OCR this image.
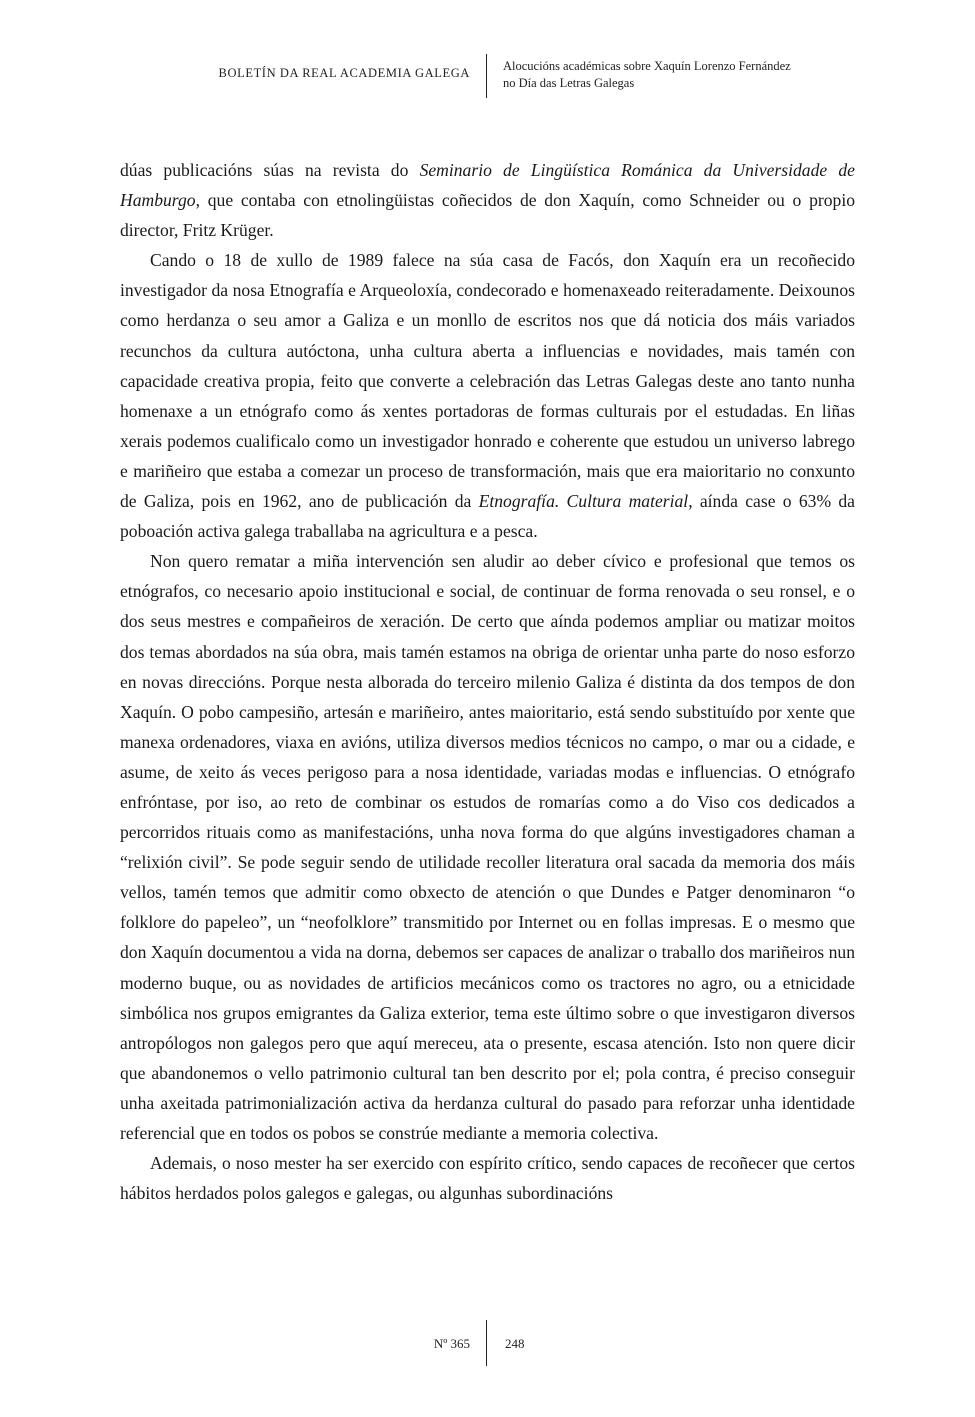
BOLETÍN DA REAL ACADEMIA GALEGA	Alocucións académicas sobre Xaquín Lorenzo Fernández
no Día das Letras Galegas

dúas publicacións súas na revista do Seminario de Lingüística Románica da Universidade de Hamburgo, que contaba con etnolingüistas coñecidos de don Xaquín, como Schneider ou o propio director, Fritz Krüger.

Cando o 18 de xullo de 1989 falece na súa casa de Facós, don Xaquín era un recoñecido investigador da nosa Etnografía e Arqueoloxía, condecorado e homenaxeado reiteradamente. Deixounos como herdanza o seu amor a Galiza e un monllo de escritos nos que dá noticia dos máis variados recunchos da cultura autóctona, unha cultura aberta a influencias e novidades, mais tamén con capacidade creativa propia, feito que converte a celebración das Letras Galegas deste ano tanto nunha homenaxe a un etnógrafo como ás xentes portadoras de formas culturais por el estudadas. En liñas xerais podemos cualificalo como un investigador honrado e coherente que estudou un universo labrego e mariñeiro que estaba a comezar un proceso de transformación, mais que era maioritario no conxunto de Galiza, pois en 1962, ano de publicación da Etnografía. Cultura material, aínda case o 63% da poboación activa galega traballaba na agricultura e a pesca.

Non quero rematar a miña intervención sen aludir ao deber cívico e profesional que temos os etnógrafos, co necesario apoio institucional e social, de continuar de forma renovada o seu ronsel, e o dos seus mestres e compañeiros de xeración. De certo que aínda podemos ampliar ou matizar moitos dos temas abordados na súa obra, mais tamén estamos na obriga de orientar unha parte do noso esforzo en novas direccións. Porque nesta alborada do terceiro milenio Galiza é distinta da dos tempos de don Xaquín. O pobo campesiño, artesán e mariñeiro, antes maioritario, está sendo substituído por xente que manexa ordenadores, viaxa en avións, utiliza diversos medios técnicos no campo, o mar ou a cidade, e asume, de xeito ás veces perigoso para a nosa identidade, variadas modas e influencias. O etnógrafo enfróntase, por iso, ao reto de combinar os estudos de romarías como a do Viso cos dedicados a percorridos rituais como as manifestacións, unha nova forma do que algúns investigadores chaman a “relixión civil”. Se pode seguir sendo de utilidade recoller literatura oral sacada da memoria dos máis vellos, tamén temos que admitir como obxecto de atención o que Dundes e Patger denominaron “o folklore do papeleo”, un “neofolklore” transmitido por Internet ou en follas impresas. E o mesmo que don Xaquín documentou a vida na dorna, debemos ser capaces de analizar o traballo dos mariñeiros nun moderno buque, ou as novidades de artificios mecánicos como os tractores no agro, ou a etnicidade simbólica nos grupos emigrantes da Galiza exterior, tema este último sobre o que investigaron diversos antropólogos non galegos pero que aquí mereceu, ata o presente, escasa atención. Isto non quere dicir que abandonemos o vello patrimonio cultural tan ben descrito por el; pola contra, é preciso conseguir unha axeitada patrimonialización activa da herdanza cultural do pasado para reforzar unha identidade referencial que en todos os pobos se constrúe mediante a memoria colectiva.

Ademais, o noso mester ha ser exercido con espírito crítico, sendo capaces de recoñecer que certos hábitos herdados polos galegos e galegas, ou algunhas subordinacións

Nº 365	248
